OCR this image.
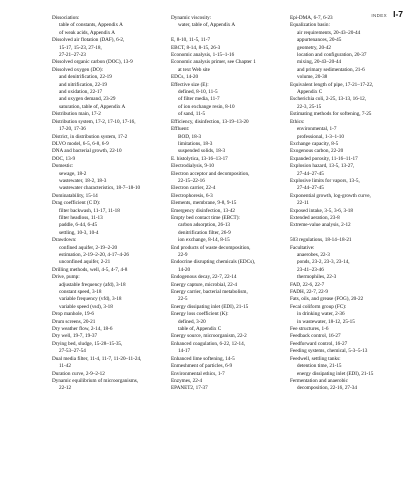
INDEX I-7
Dissociation:
table of constants, Appendix A
of weak acids, Appendix A
Dissolved air flotation (DAF), 6-2,
15-17, 15-23, 27-18,
27-21–27-23
Dissolved organic carbon (DOC), 13-9
Dissolved oxygen (DO):
and denitrification, 22-19
and nitrification, 22-19
and oxidation, 22-17
and oxygen demand, 23-29
saturation, table of, Appendix A
Distribution main, 17-2
Distribution system, 17-2, 17-10, 17-16,
17-20, 17-36
District, in distribution system, 17-2
DLVO model, 6-5, 6-8, 6-9
DNA and bacterial growth, 22-10
DOC, 13-9
Domestic:
sewage, 18-2
wastewater, 18-2, 18-3
wastewater characteristics, 18-7–18-10
Dominatability, 15-14
Drag coefficient (C D):
filter backwash, 11-17, 11-18
filter headloss, 11-13
paddle, 6-44, 6-45
settling, 10-3, 10-4
Drawdown:
confined aquifer, 2-19–2-20
estimation, 2-19–2-20, 4-17–4-26
unconfined aquifer, 2-21
Drilling methods, well, 4-5, 4-7, 4-8
Drive, pump:
adjustable frequency (afd), 3-18
constant speed, 3-18
variable frequency (vfd), 3-18
variable speed (vsd), 3-18
Drop manhole, 19-6
Drum screens, 20-21
Dry weather flow, 2-14, 18-6
Dry well, 19-7, 19-37
Drying bed, sludge, 15-28–15-35,
27-53–27-54
Dual media filter, 11-4, 11-7, 11-20–11-24,
11-42
Duration curve, 2-9–2-12
Dynamic equilibrium of microorganisms,
22-12
Dynamic viscosity:
water, table of, Appendix A

E, 8-10, 11-5, 11-7
EBCT, 8-14, 8-15, 26-3
Economic analysis, 1-15–1-16
Economic analysis primer, see Chapter 1
at text Web site
EDCs, 14-20
Effective size (E):
defined, 8-10, 11-5
of filter media, 11-7
of ion exchange resin, 8-10
of sand, 11-5
Efficiency, disinfection, 13-19–13-20
Effluent:
BOD, 18-3
limitations, 18-3
suspended solids, 18-3
E. histolytica, 13-16–13-17
Electrodialysis, 9-10
Electron acceptor and decomposition,
22-15–22-16
Electron carrier, 22-4
Electrophoresis, 6-3
Elements, membrane, 9-8, 9-15
Emergency disinfection, 13-42
Empty bed contact time (EBCT):
carbon adsorption, 26-13
denitrification filter, 26-9
ion exchange, 8-14, 8-15
End products of waste decomposition,
22-9
Endocrine disrupting chemicals (EDCs),
14-20
Endogenous decay, 22-7, 22-14
Energy capture, microbial, 22-4
Energy carrier, bacterial metabolism,
22-5
Energy dissipating inlet (EDI), 21-15
Energy loss coefficient (K):
defined, 3-20
table of, Appendix C
Energy source, microorganism, 22-2
Enhanced coagulation, 6-22, 12-14,
14-17
Enhanced lime softening, 14-5
Enmeshment of particles, 6-9
Environmental ethics, 1-7
Enzymes, 22-4
EPANET2, 17-37
Epi-DMA, 6-7, 6-23
Equalization basin:
air requirements, 20-43–20-44
appurtenances, 20-45
geometry, 20-42
location and configuration, 20-37
mixing, 20-43–20-44
and primary sedimentation, 21-6
volume, 20-38
Equivalent length of pipe, 17-21–17-22,
Appendix C
Escherichia coli, 2-25, 13-13, 16-12,
22-3, 25-15
Estimating methods for softening, 7-25
Ethics:
environmental, 1-7
professional, 1-3–1-10
Exchange capacity, 8-5
Exogenous carbon, 22-20
Expanded porosity, 11-16–11-17
Explosion hazard, 13-5, 13-27,
27-44–27-45
Explosive limits for vapors, 13-5,
27-44–27-45
Exponential growth, log-growth curve,
22-11
Exposed intake, 3-5, 3-6, 3-18
Extended aeration, 23-8
Extreme-value analysis, 2-12

503 regulations, 18-14–18-21
Facultative:
anaerobes, 22-3
ponds, 23-2, 23-3, 23-14,
23-41–23-46
thermophiles, 22-3
FAD, 22-6, 22-7
FADH, 22-7, 22-9
Fats, oils, and grease (FOG), 20-22
Fecal coliform group (FC):
in drinking water, 2-36
in wastewater, 18-12, 25-15
Fee structures, 1-6
Feedback control, 16-27
Feedforward control, 16-27
Feeding systems, chemical, 5-3–5-13
Feedwell, settling tanks:
detention time, 21-15
energy dissipating inlet (EDI), 21-15
Fermentation and anaerobic
decomposition, 22-16, 27-34
